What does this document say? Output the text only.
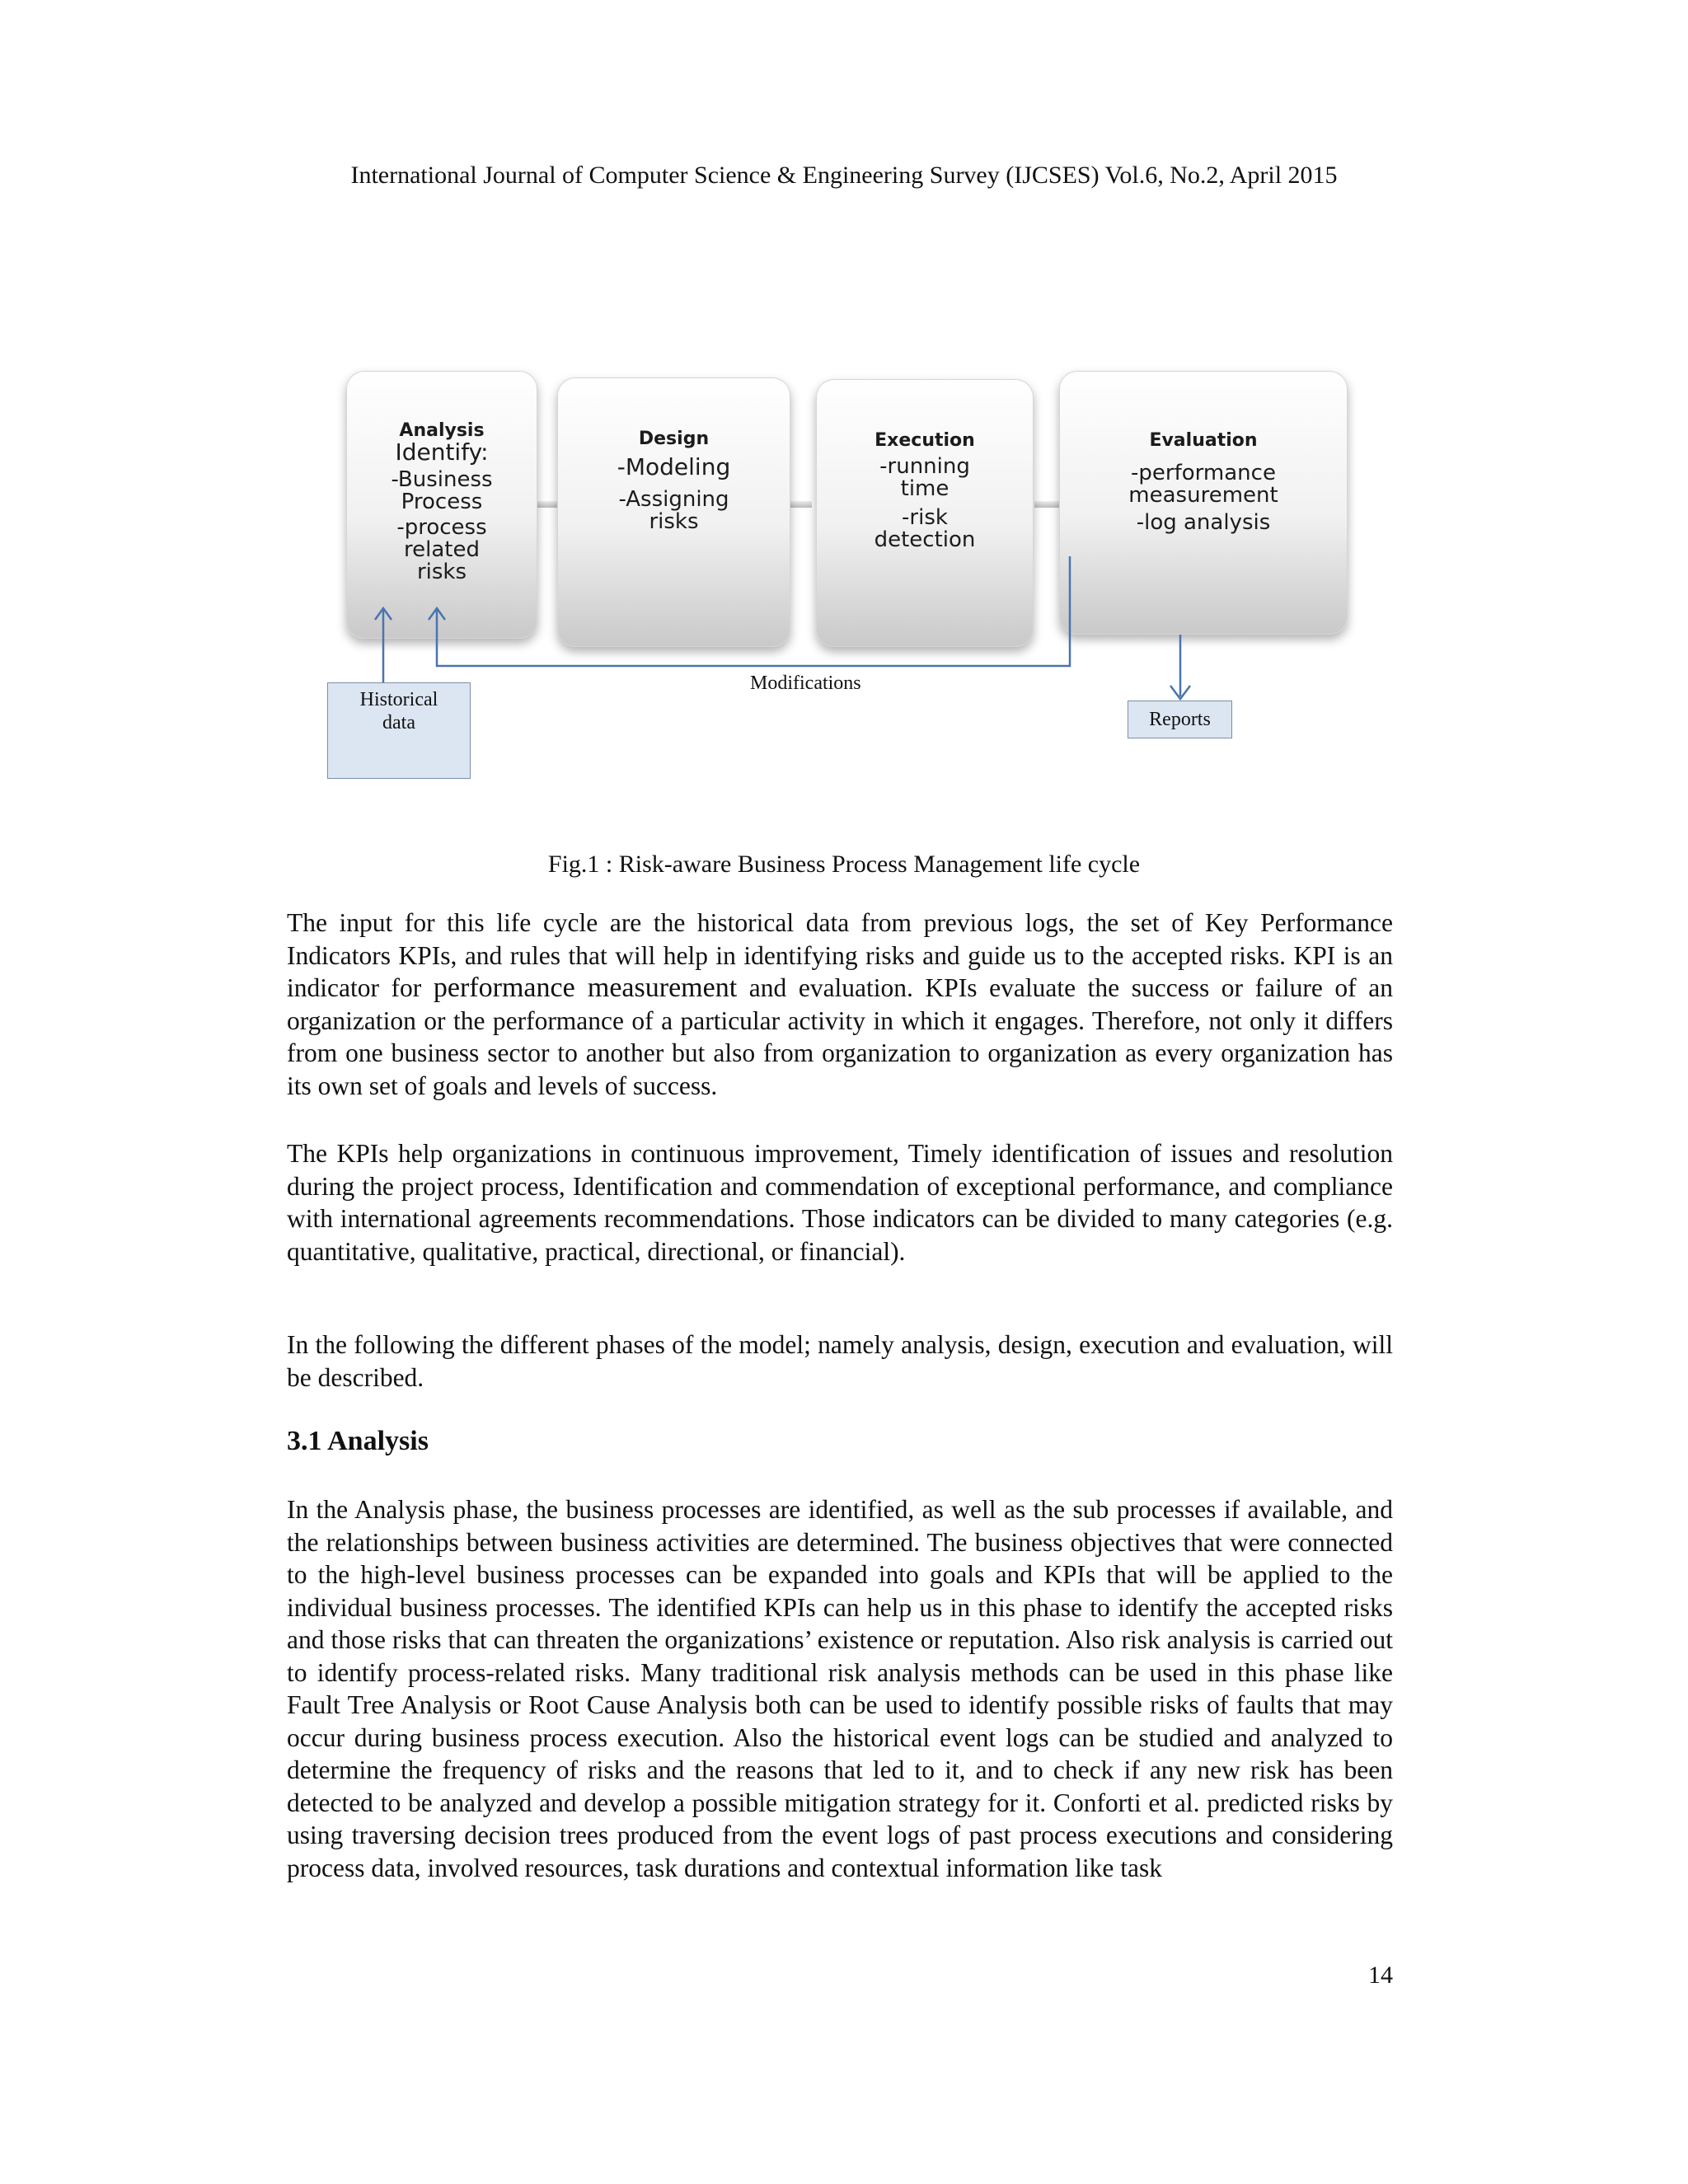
International Journal of Computer Science & Engineering Survey (IJCSES) Vol.6, No.2, April 2015
Analysis
Identify:
-Business
Process
-process
related
risks
Design
-Modeling
-Assigning
risks
Execution
-running
time
-risk
detection
Evaluation
-performance
measurement
-log analysis
Historical
data
Modifications
Reports
Fig.1 : Risk-aware Business Process Management life cycle

The input for this life cycle are the historical data from previous logs, the set of Key Performance Indicators KPIs, and rules that will help in identifying risks and guide us to the accepted risks. KPI is an indicator for performance measurement and evaluation. KPIs evaluate the success or failure of an organization or the performance of a particular activity in which it engages. Therefore, not only it differs from one business sector to another but also from organization to organization as every organization has its own set of goals and levels of success.

The KPIs help organizations in continuous improvement, Timely identification of issues and resolution during the project process, Identification and commendation of exceptional performance, and compliance with international agreements recommendations. Those indicators can be divided to many categories (e.g. quantitative, qualitative, practical, directional, or financial).

In the following the different phases of the model; namely analysis, design, execution and evaluation, will be described.

3.1 Analysis

In the Analysis phase, the business processes are identified, as well as the sub processes if available, and the relationships between business activities are determined. The business objectives that were connected to the high-level business processes can be expanded into goals and KPIs that will be applied to the individual business processes. The identified KPIs can help us in this phase to identify the accepted risks and those risks that can threaten the organizations’ existence or reputation. Also risk analysis is carried out to identify process-related risks. Many traditional risk analysis methods can be used in this phase like Fault Tree Analysis or Root Cause Analysis both can be used to identify possible risks of faults that may occur during business process execution. Also the historical event logs can be studied and analyzed to determine the frequency of risks and the reasons that led to it, and to check if any new risk has been detected to be analyzed and develop a possible mitigation strategy for it. Conforti et al. predicted risks by using traversing decision trees produced from the event logs of past process executions and considering process data, involved resources, task durations and contextual information like task

14
